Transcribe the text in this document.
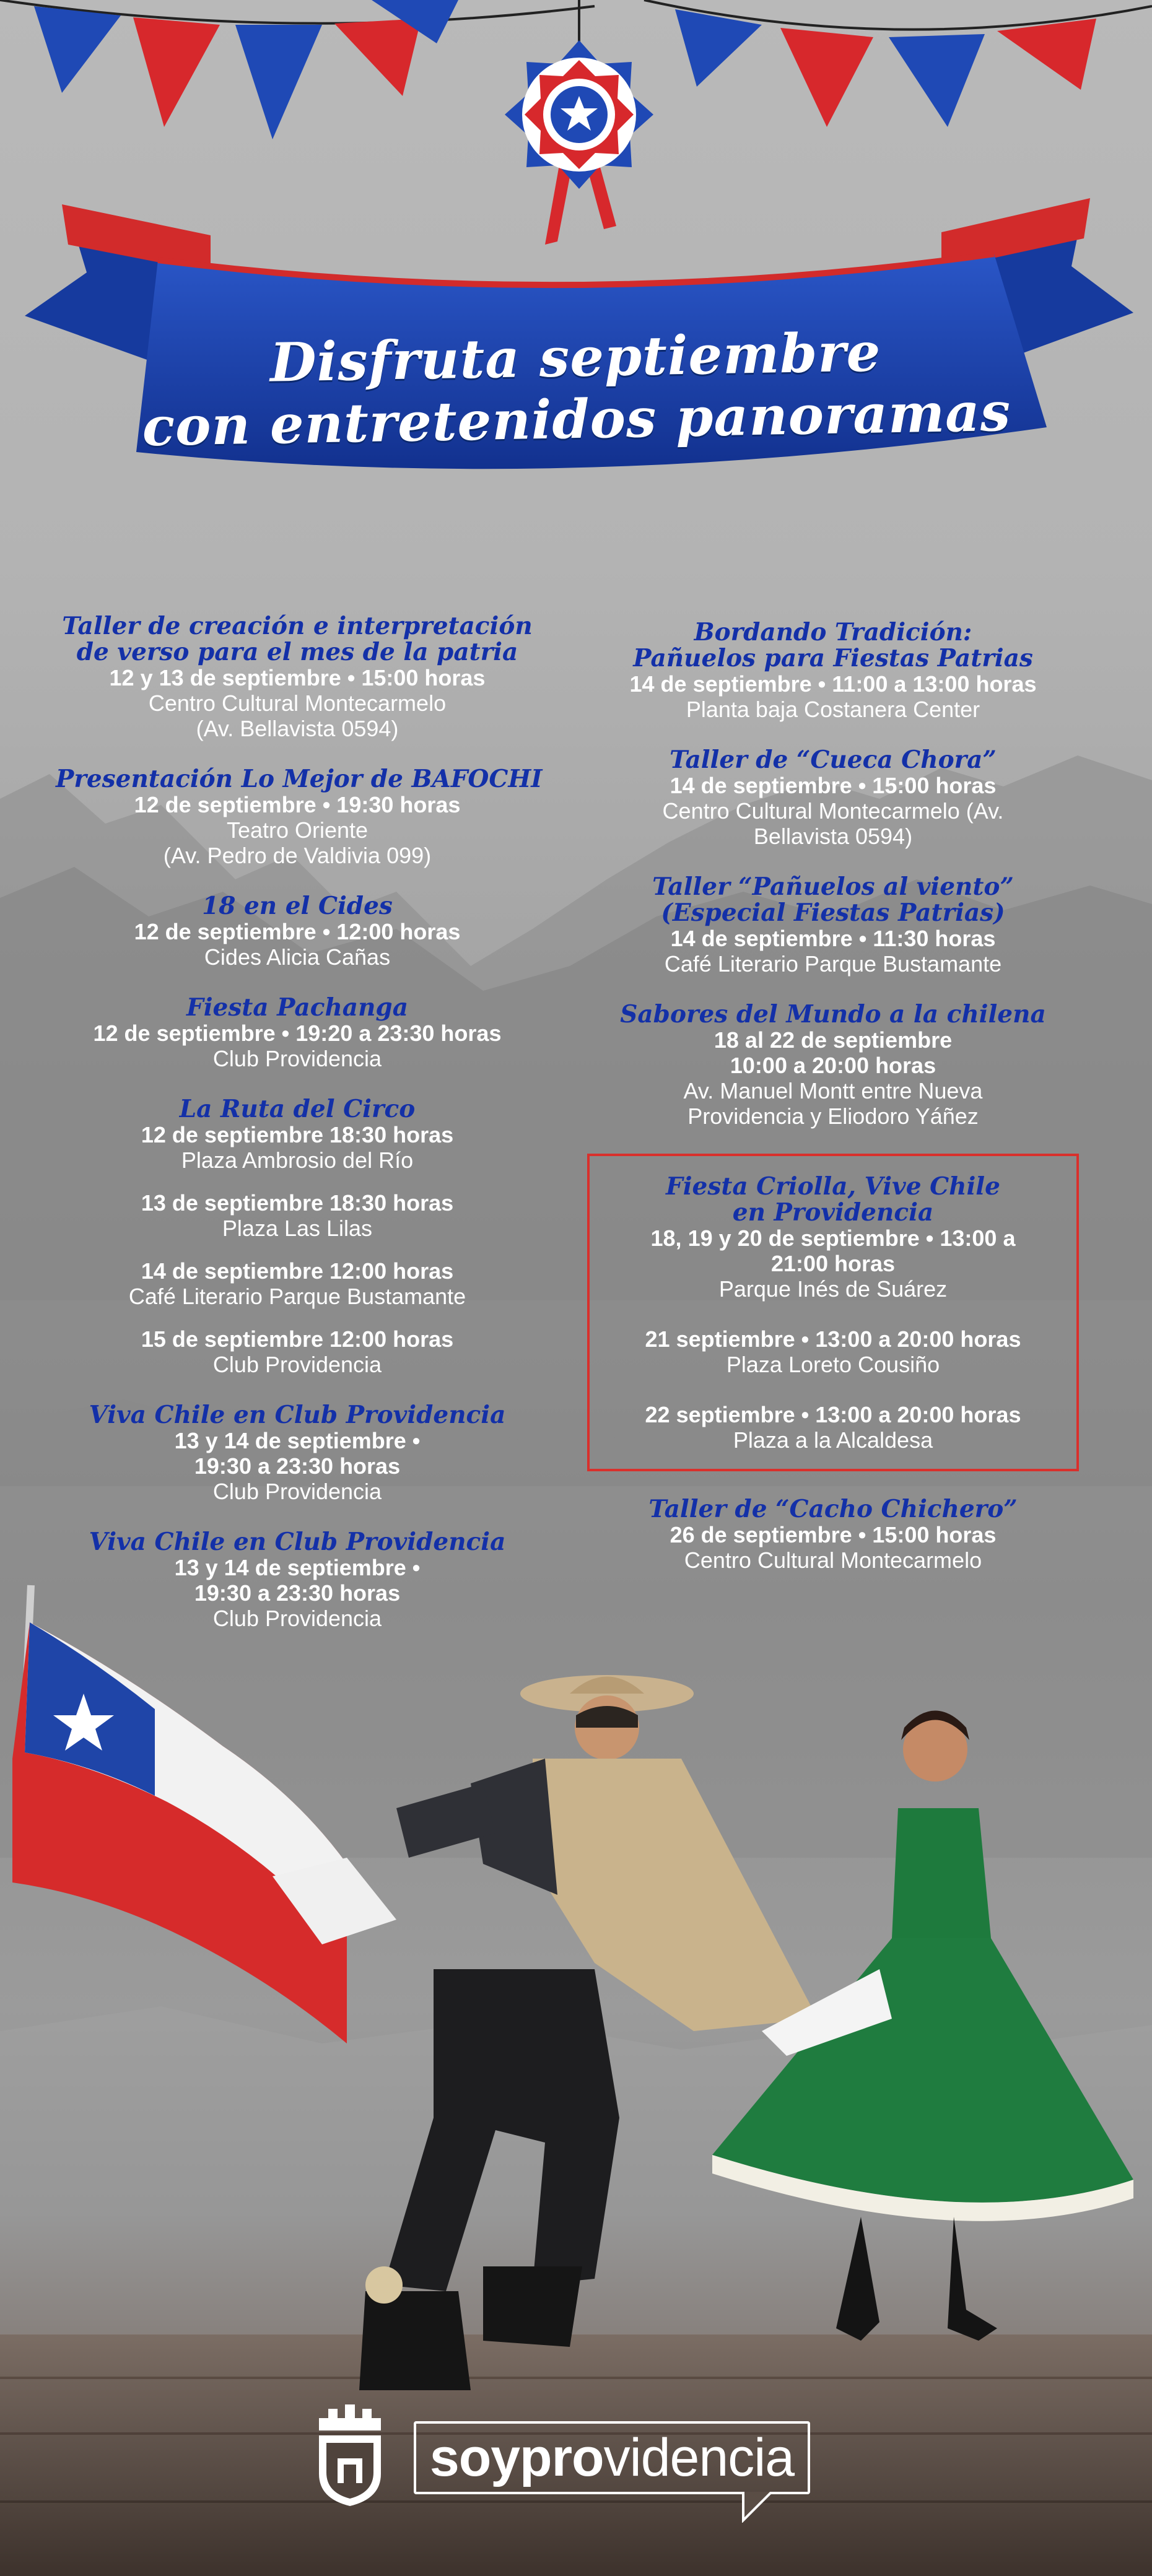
Disfruta septiembre
con entretenidos panoramas
Taller de creación e interpretación
de verso para el mes de la patria
12 y 13 de septiembre • 15:00 horas
Centro Cultural Montecarmelo
(Av. Bellavista 0594)
Presentación Lo Mejor de BAFOCHI
12 de septiembre • 19:30 horas
Teatro Oriente
(Av. Pedro de Valdivia 099)
18 en el Cides
12 de septiembre • 12:00 horas
Cides Alicia Cañas
Fiesta Pachanga
12 de septiembre • 19:20 a 23:30 horas
Club Providencia
La Ruta del Circo
12 de septiembre 18:30 horas
Plaza Ambrosio del Río
13 de septiembre 18:30 horas
Plaza Las Lilas
14 de septiembre 12:00 horas
Café Literario Parque Bustamante
15 de septiembre 12:00 horas
Club Providencia
Viva Chile en Club Providencia
13 y 14 de septiembre •
19:30 a 23:30 horas
Club Providencia
Viva Chile en Club Providencia
13 y 14 de septiembre •
19:30 a 23:30 horas
Club Providencia
Bordando Tradición:
Pañuelos para Fiestas Patrias
14 de septiembre • 11:00 a 13:00 horas
Planta baja Costanera Center
Taller de “Cueca Chora”
14 de septiembre • 15:00 horas
Centro Cultural Montecarmelo (Av.
Bellavista 0594)
Taller “Pañuelos al viento”
(Especial Fiestas Patrias)
14 de septiembre • 11:30 horas
Café Literario Parque Bustamante
Sabores del Mundo a la chilena
18 al 22 de septiembre
10:00 a 20:00 horas
Av. Manuel Montt entre Nueva
Providencia y Eliodoro Yáñez
Fiesta Criolla, Vive Chile
en Providencia
18, 19 y 20 de septiembre • 13:00 a
21:00 horas
Parque Inés de Suárez
21 septiembre • 13:00 a 20:00 horas
Plaza Loreto Cousiño
22 septiembre • 13:00 a 20:00 horas
Plaza a la Alcaldesa
Taller de “Cacho Chichero”
26 de septiembre • 15:00 horas
Centro Cultural Montecarmelo
soyprovidencia
